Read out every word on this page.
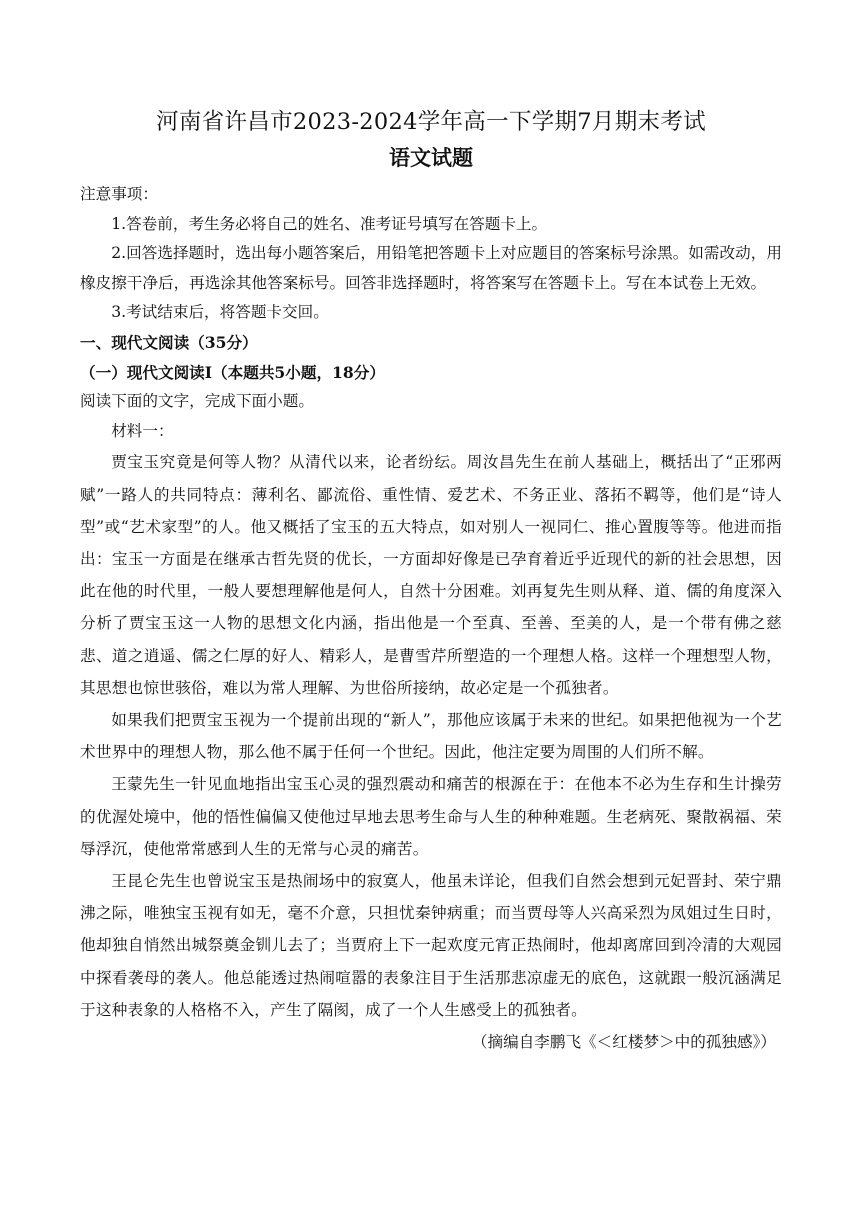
河南省许昌市2023-2024学年高一下学期7月期末考试
语文试题

注意事项：

1.答卷前，考生务必将自己的姓名、准考证号填写在答题卡上。

2.回答选择题时，选出每小题答案后，用铅笔把答题卡上对应题目的答案标号涂黑。如需改动，用橡皮擦干净后，再选涂其他答案标号。回答非选择题时，将答案写在答题卡上。写在本试卷上无效。

3.考试结束后，将答题卡交回。

一、现代文阅读（35分）

（一）现代文阅读Ⅰ（本题共5小题，18分）

阅读下面的文字，完成下面小题。

材料一：

贾宝玉究竟是何等人物？从清代以来，论者纷纭。周汝昌先生在前人基础上，概括出了“正邪两赋”一路人的共同特点：薄利名、鄙流俗、重性情、爱艺术、不务正业、落拓不羁等，他们是“诗人型”或“艺术家型”的人。他又概括了宝玉的五大特点，如对别人一视同仁、推心置腹等等。他进而指出：宝玉一方面是在继承古哲先贤的优长，一方面却好像是已孕育着近乎近现代的新的社会思想，因此在他的时代里，一般人要想理解他是何人，自然十分困难。刘再复先生则从释、道、儒的角度深入分析了贾宝玉这一人物的思想文化内涵，指出他是一个至真、至善、至美的人，是一个带有佛之慈悲、道之逍遥、儒之仁厚的好人、精彩人，是曹雪芹所塑造的一个理想人格。这样一个理想型人物，其思想也惊世骇俗，难以为常人理解、为世俗所接纳，故必定是一个孤独者。

如果我们把贾宝玉视为一个提前出现的“新人”，那他应该属于未来的世纪。如果把他视为一个艺术世界中的理想人物，那么他不属于任何一个世纪。因此，他注定要为周围的人们所不解。

王蒙先生一针见血地指出宝玉心灵的强烈震动和痛苦的根源在于：在他本不必为生存和生计操劳的优渥处境中，他的悟性偏偏又使他过早地去思考生命与人生的种种难题。生老病死、聚散祸福、荣辱浮沉，使他常常感到人生的无常与心灵的痛苦。

王昆仑先生也曾说宝玉是热闹场中的寂寞人，他虽未详论，但我们自然会想到元妃晋封、荣宁鼎沸之际，唯独宝玉视有如无，毫不介意，只担忧秦钟病重；而当贾母等人兴高采烈为凤姐过生日时，他却独自悄然出城祭奠金钏儿去了；当贾府上下一起欢度元宵正热闹时，他却离席回到冷清的大观园中探看袭母的袭人。他总能透过热闹喧嚣的表象注目于生活那悲凉虚无的底色，这就跟一般沉涵满足于这种表象的人格格不入，产生了隔阂，成了一个人生感受上的孤独者。

（摘编自李鹏飞《＜红楼梦＞中的孤独感》）
